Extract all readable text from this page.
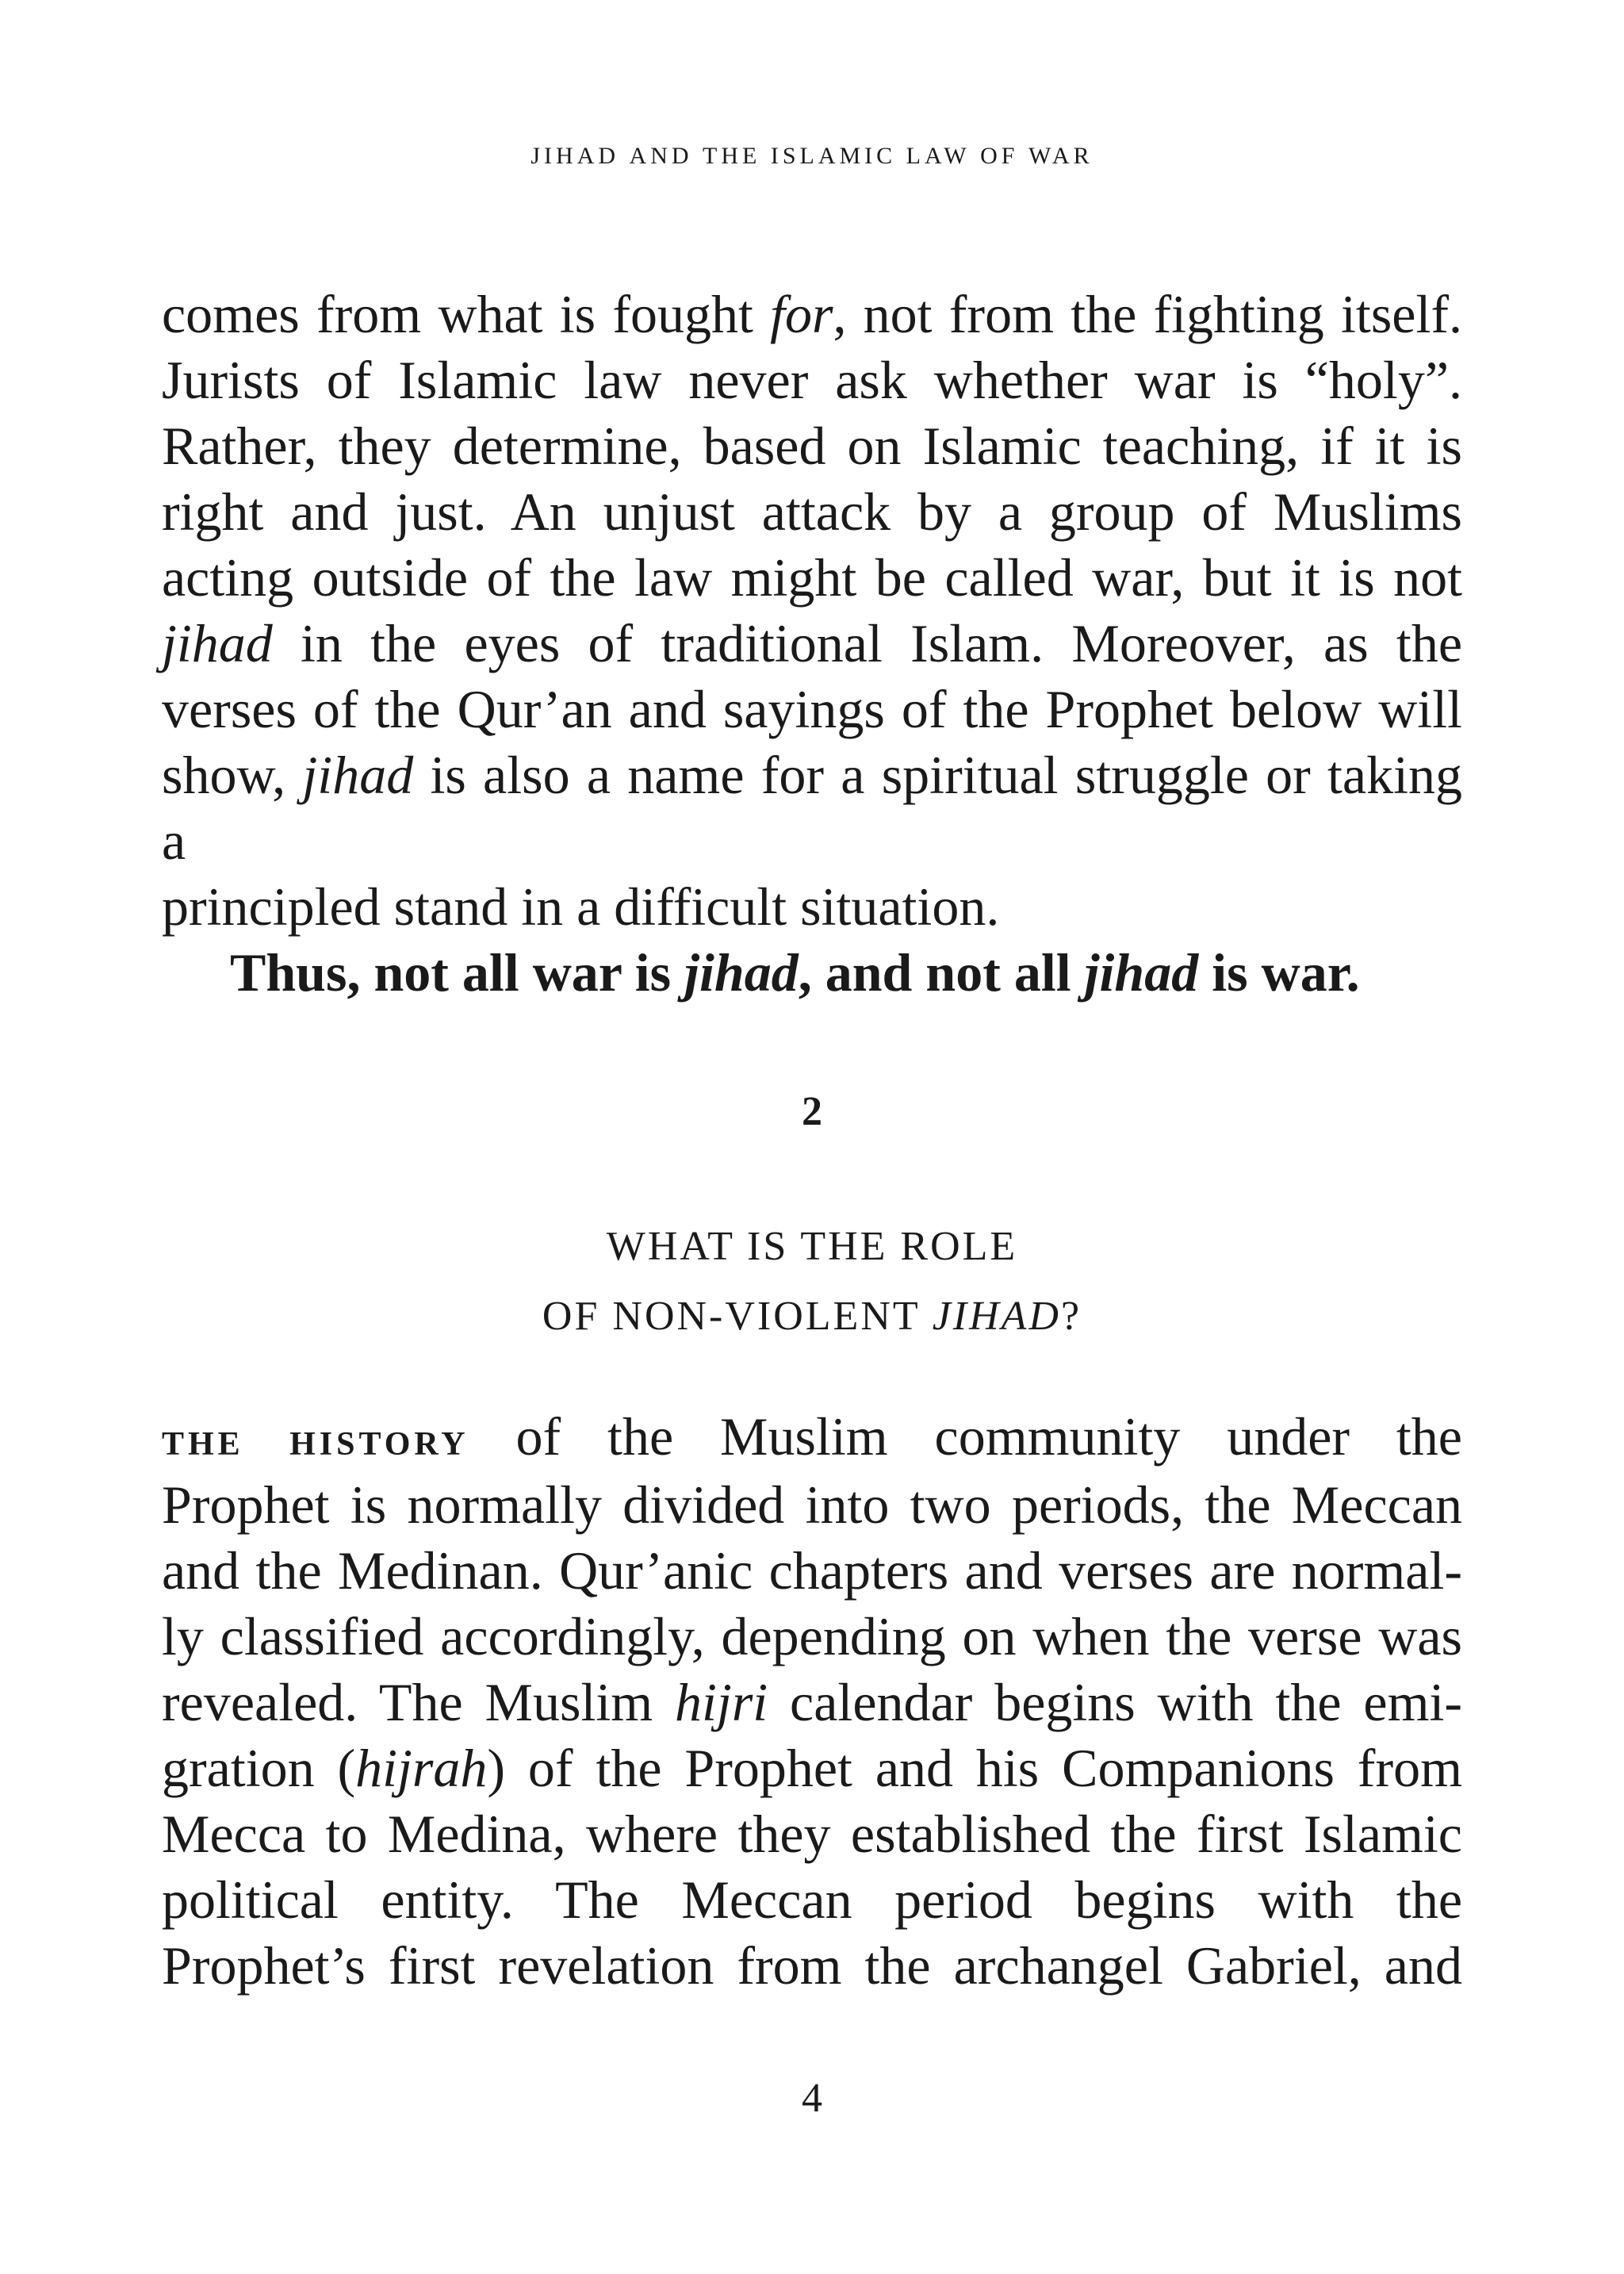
jihad and the islamic law of war

comes from what is fought for, not from the fighting itself.
Jurists of Islamic law never ask whether war is “holy”.
Rather, they determine, based on Islamic teaching, if it is
right and just. An unjust attack by a group of Muslims
acting outside of the law might be called war, but it is not
jihad in the eyes of traditional Islam. Moreover, as the
verses of the Qur’an and sayings of the Prophet below will
show, jihad is also a name for a spiritual struggle or taking a
principled stand in a difficult situation.

Thus, not all war is jihad, and not all jihad is war.

2
WHAT IS THE ROLE
OF NON-VIOLENT JIHAD?

the history of the Muslim community under the
Prophet is normally divided into two periods, the Meccan
and the Medinan. Qur’anic chapters and verses are normal-
ly classified accordingly, depending on when the verse was
revealed. The Muslim hijri calendar begins with the emi-
gration (hijrah) of the Prophet and his Companions from
Mecca to Medina, where they established the first Islamic
political entity. The Meccan period begins with the
Prophet’s first revelation from the archangel Gabriel, and

4
